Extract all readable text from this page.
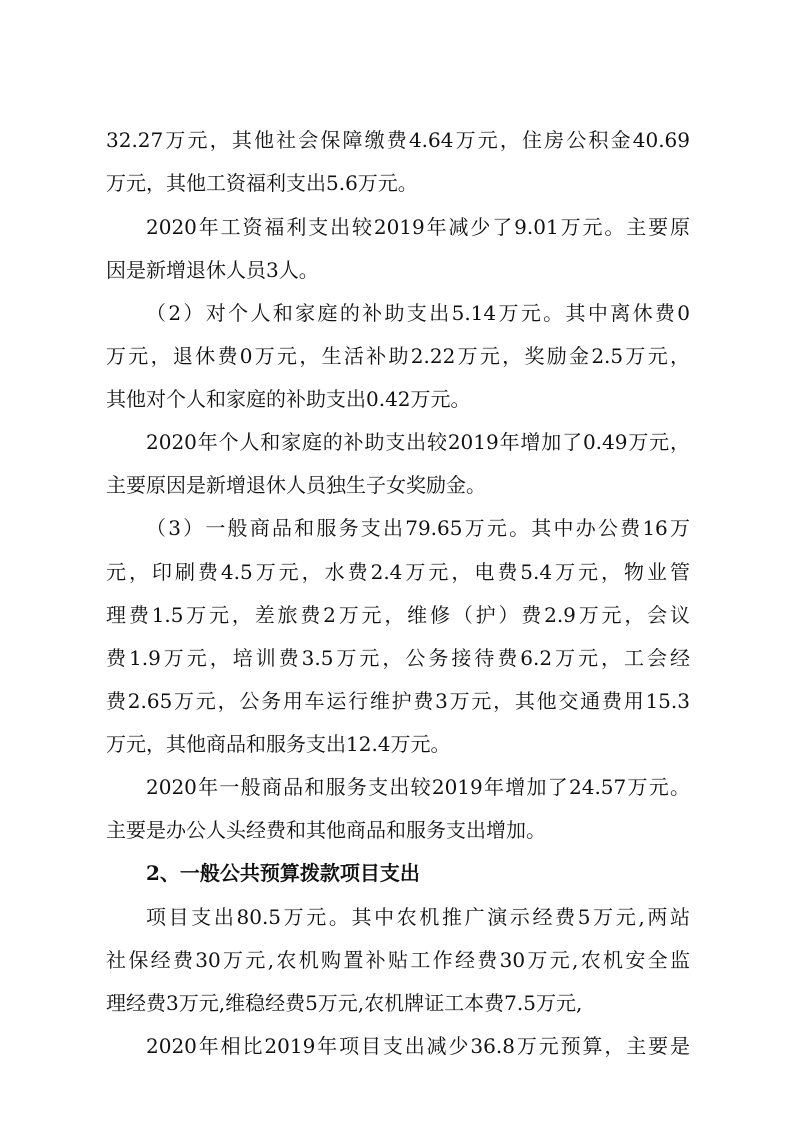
32.27万元，其他社会保障缴费4.64万元，住房公积金40.69
万元，其他工资福利支出5.6万元。
2020年工资福利支出较2019年减少了9.01万元。主要原
因是新增退休人员3人。
（2）对个人和家庭的补助支出5.14万元。其中离休费0
万元，退休费0万元，生活补助2.22万元，奖励金2.5万元，
其他对个人和家庭的补助支出0.42万元。
2020年个人和家庭的补助支出较2019年增加了0.49万元，
主要原因是新增退休人员独生子女奖励金。
（3）一般商品和服务支出79.65万元。其中办公费16万
元，印刷费4.5万元，水费2.4万元，电费5.4万元，物业管
理费1.5万元，差旅费2万元，维修（护）费2.9万元，会议
费1.9万元，培训费3.5万元，公务接待费6.2万元，工会经
费2.65万元，公务用车运行维护费3万元，其他交通费用15.3
万元，其他商品和服务支出12.4万元。
2020年一般商品和服务支出较2019年增加了24.57万元。
主要是办公人头经费和其他商品和服务支出增加。
2、一般公共预算拨款项目支出
项目支出80.5万元。其中农机推广演示经费5万元,两站
社保经费30万元,农机购置补贴工作经费30万元,农机安全监
理经费3万元,维稳经费5万元,农机牌证工本费7.5万元,
2020年相比2019年项目支出减少36.8万元预算，主要是
